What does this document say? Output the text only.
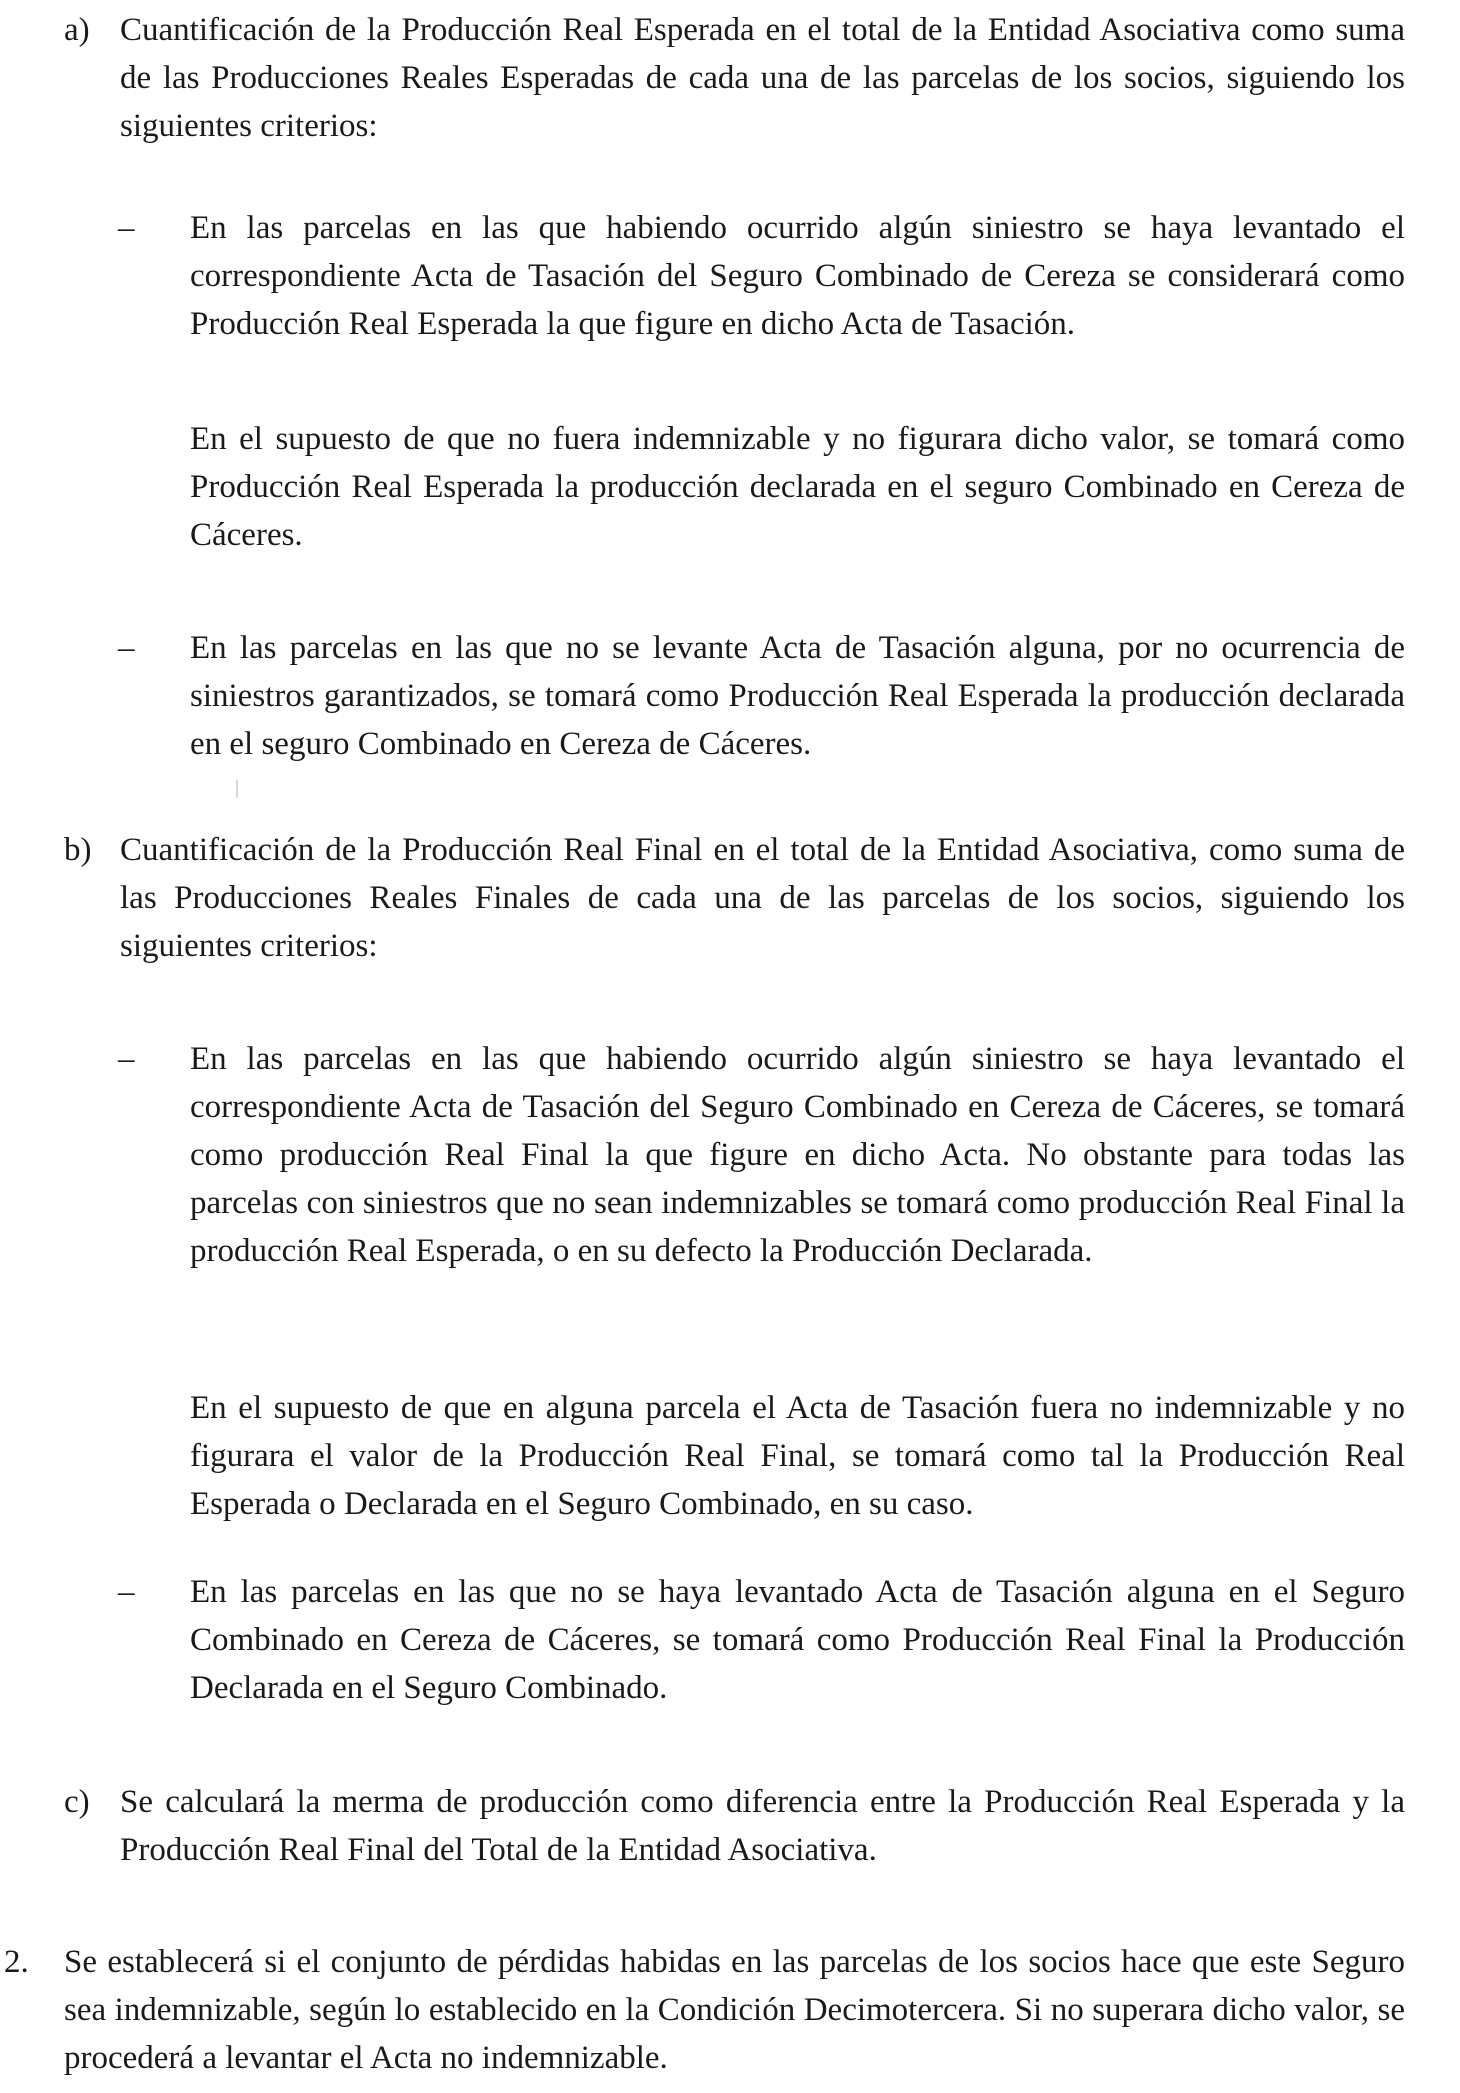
a) Cuantificación de la Producción Real Esperada en el total de la Entidad Asociativa como suma de las Producciones Reales Esperadas de cada una de las parcelas de los socios, siguiendo los siguientes criterios:

– En las parcelas en las que habiendo ocurrido algún siniestro se haya levantado el correspondiente Acta de Tasación del Seguro Combinado de Cereza se considerará como Producción Real Esperada la que figure en dicho Acta de Tasación.

En el supuesto de que no fuera indemnizable y no figurara dicho valor, se tomará como Producción Real Esperada la producción declarada en el seguro Combinado en Cereza de Cáceres.

– En las parcelas en las que no se levante Acta de Tasación alguna, por no ocurrencia de siniestros garantizados, se tomará como Producción Real Esperada la producción declarada en el seguro Combinado en Cereza de Cáceres.

b) Cuantificación de la Producción Real Final en el total de la Entidad Asociativa, como suma de las Producciones Reales Finales de cada una de las parcelas de los socios, siguiendo los siguientes criterios:

– En las parcelas en las que habiendo ocurrido algún siniestro se haya levantado el correspondiente Acta de Tasación del Seguro Combinado en Cereza de Cáceres, se tomará como producción Real Final la que figure en dicho Acta. No obstante para todas las parcelas con siniestros que no sean indemnizables se tomará como producción Real Final la producción Real Esperada, o en su defecto la Producción Declarada.

En el supuesto de que en alguna parcela el Acta de Tasación fuera no indemnizable y no figurara el valor de la Producción Real Final, se tomará como tal la Producción Real Esperada o Declarada en el Seguro Combinado, en su caso.

– En las parcelas en las que no se haya levantado Acta de Tasación alguna en el Seguro Combinado en Cereza de Cáceres, se tomará como Producción Real Final la Producción Declarada en el Seguro Combinado.

c) Se calculará la merma de producción como diferencia entre la Producción Real Esperada y la Producción Real Final del Total de la Entidad Asociativa.

2. Se establecerá si el conjunto de pérdidas habidas en las parcelas de los socios hace que este Seguro sea indemnizable, según lo establecido en la Condición Decimotercera. Si no superara dicho valor, se procederá a levantar el Acta no indemnizable.
